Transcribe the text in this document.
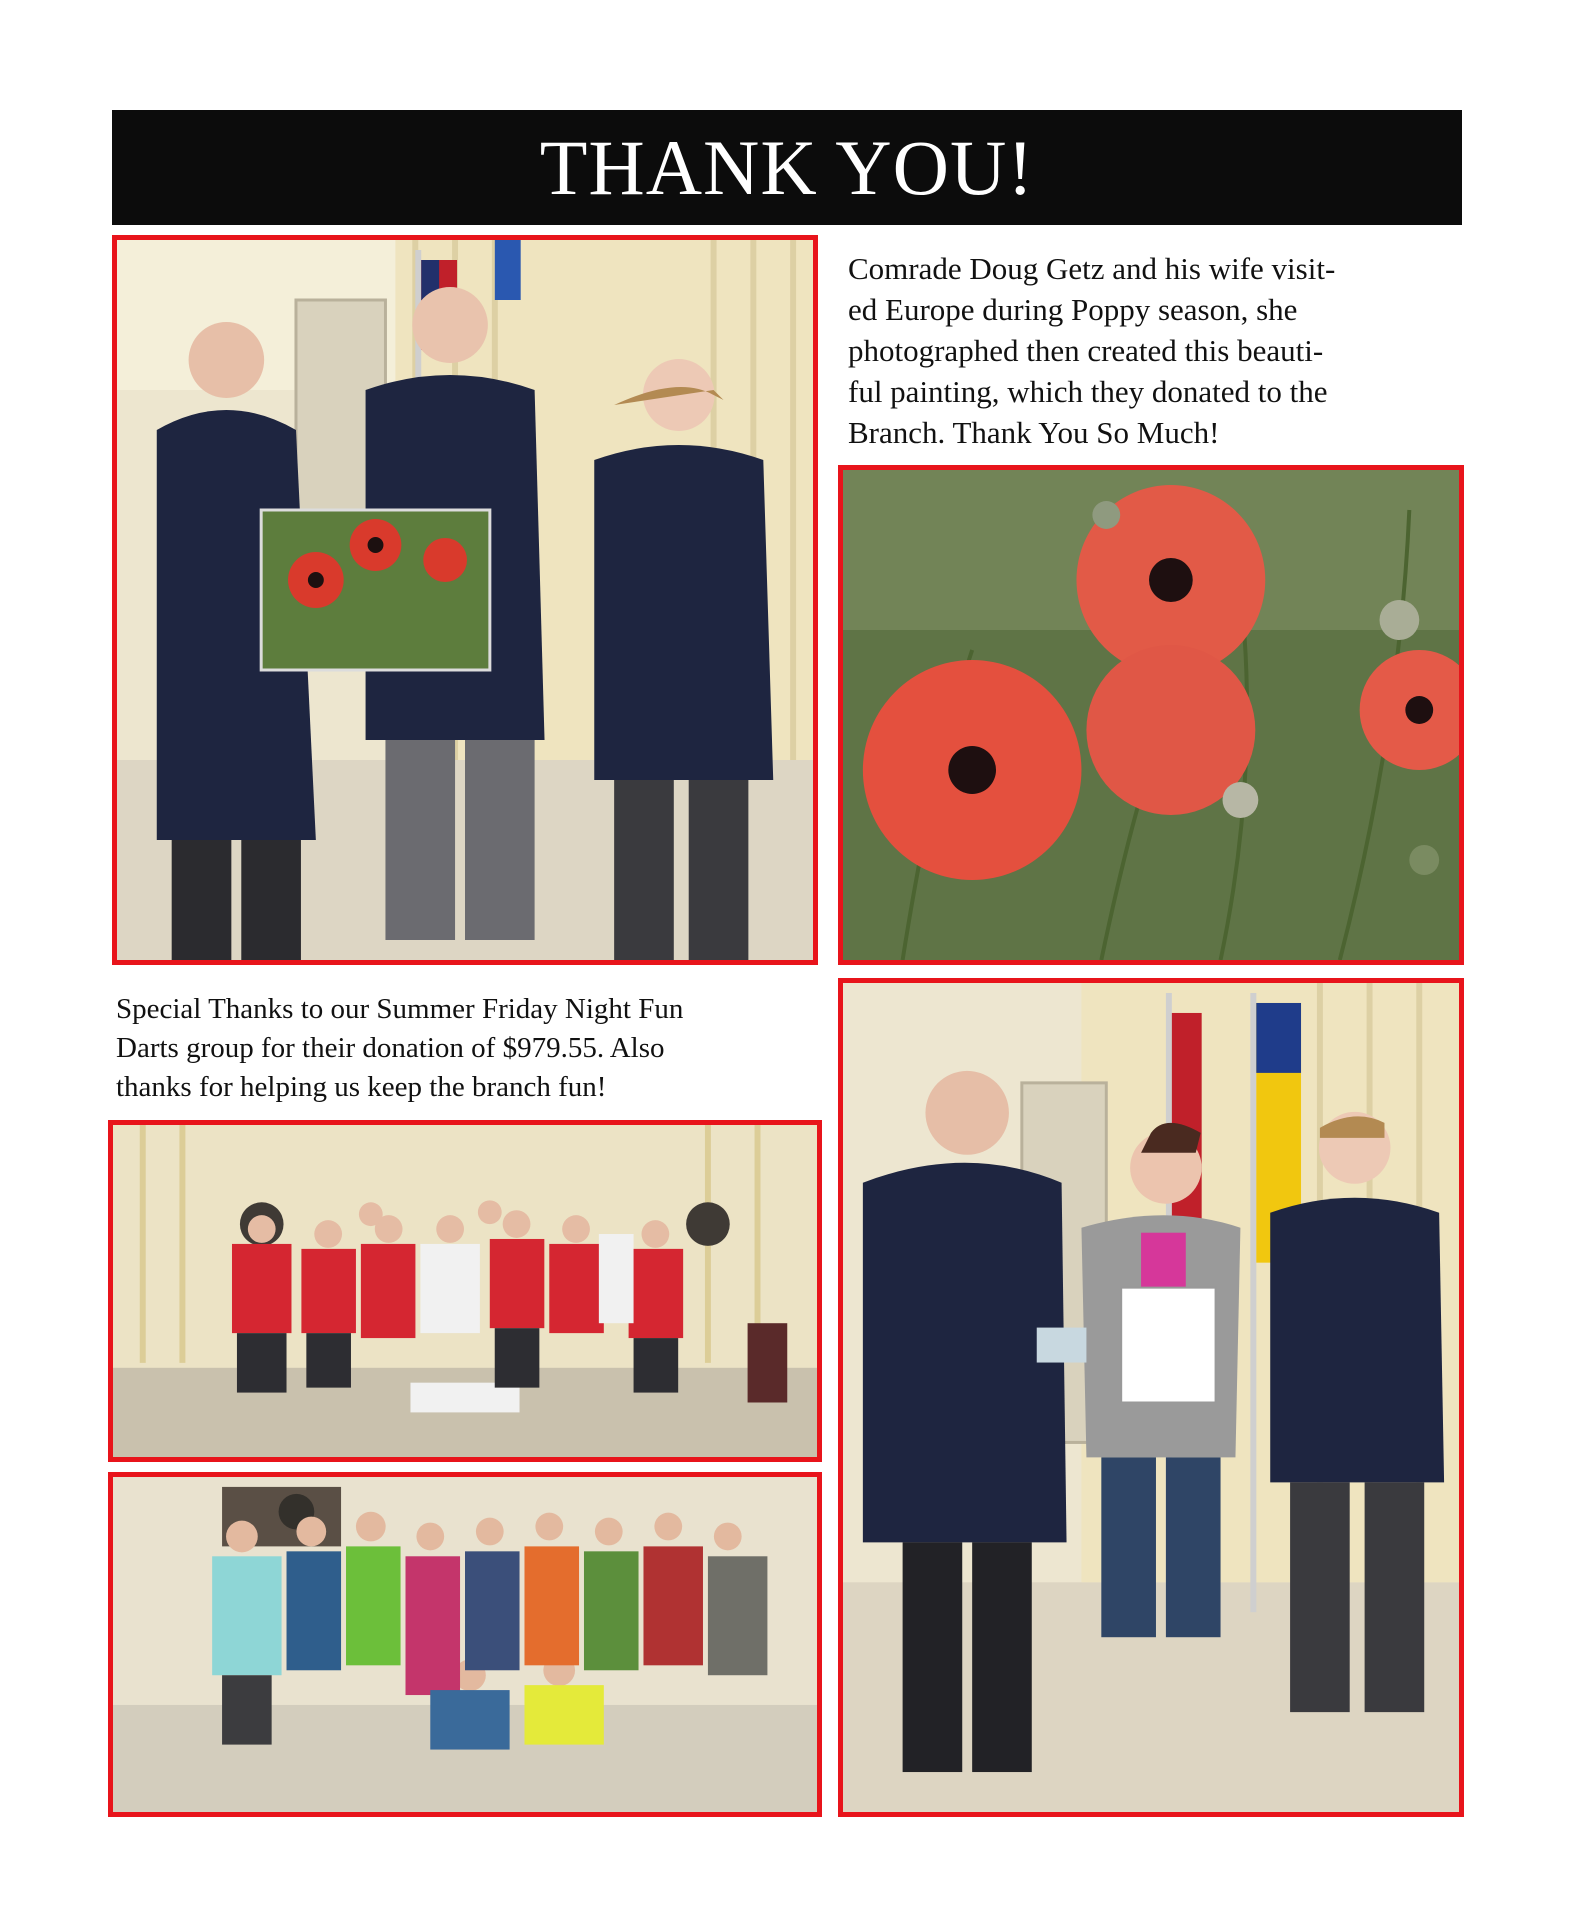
THANK YOU!

Comrade Doug Getz and his wife visit-
ed Europe during Poppy season, she
photographed then created this beauti-
ful painting, which they donated to the
Branch. Thank You So Much!

Special Thanks to our Summer Friday Night Fun
Darts group for their donation of $979.55. Also
thanks for helping us keep the branch fun!
